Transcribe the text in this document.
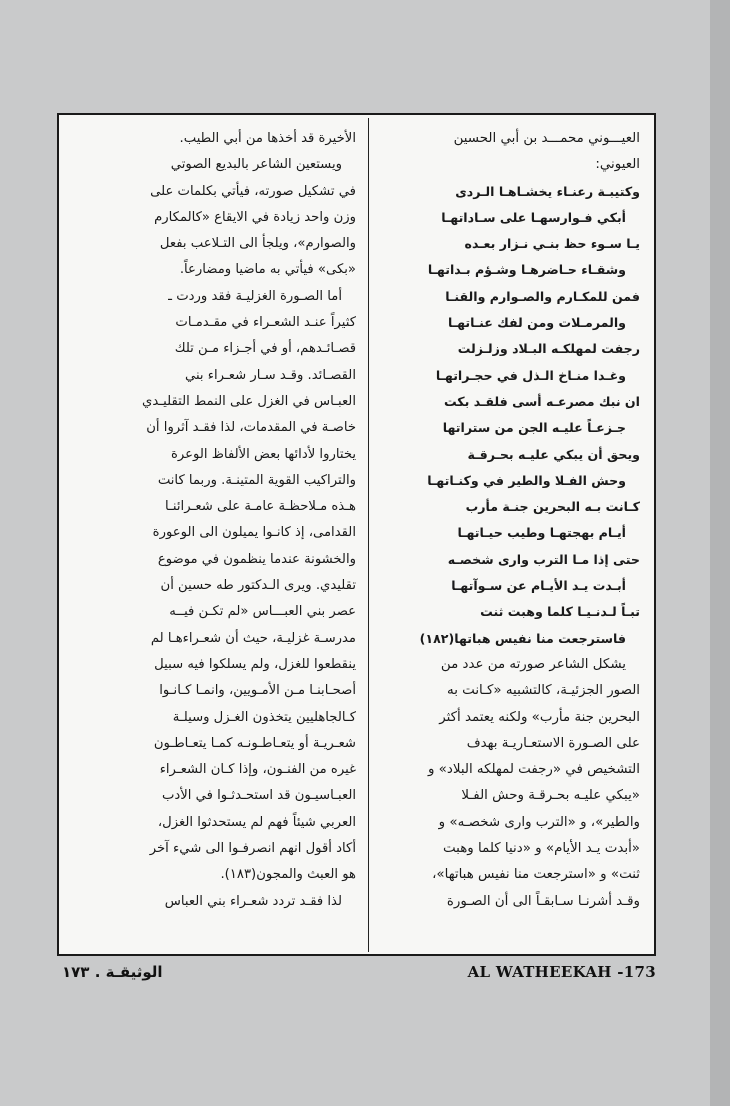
العيـــوني محمـــد بن أبي الحسين
العيوني:
وكتيبـة رعنـاء يخشـاهـا الـردى
أبكي فـوارسهـا على سـاداتهـا
يـا سـوء حظ بنـي نـزار بعـده
وشقـاء حـاضرهـا وشـؤم بـداتهـا
فمن للمكـارم والصـوارم والقنـا
والمرمـلات ومن لفك عنـاتهـا
رجفت لمهلكـه البـلاد وزلـزلت
وغـدا منـاخ الـذل في حجـراتهـا
ان نبك مصرعـه أسى فلقـد بكت
جـزعـاً عليـه الجن من ستراتها
ويحق أن يبكي عليـه بحـرقـة
وحش الفـلا والطير في وكنـاتهـا
كـانت بـه البحرين جنـة مأرب
أيـام بهجتهـا وطيب حيـاتهـا
حتى إذا مـا الترب وارى شخصـه
أبـدت يـد الأيـام عن سـوآتهـا
تبـاً لـدنـيـا كلما وهبت ثنت
فاسترجعت منا نفيس هباتها(١٨٢)
يشكل الشاعر صورته من عدد من
الصور الجزئيـة، كالتشبيه «كـانت به
البحرين جنة مأرب» ولكنه يعتمد أكثر
على الصـورة الاستعـاريـة بهدف
التشخيص في «رجفت لمهلكه البلاد» و
«يبكي عليـه بحـرقـة وحش الفـلا
والطير»، و «الترب وارى شخصـه» و
«أبدت يـد الأيام» و «دنيا كلما وهبت
ثنت» و «استرجعت منا نفيس هباتها»،
وقـد أشرنـا سـابقـاً الى أن الصـورة
الأخيرة قد أخذها من أبي الطيب.
ويستعين الشاعر بالبديع الصوتي
في تشكيل صورته، فيأتي بكلمات على
وزن واحد زيادة في الايقاع «كالمكارم
والصوارم»، ويلجأ الى التـلاعب بفعل
«بكى» فيأتي به ماضيا ومضارعاً.
أما الصـورة الغزليـة فقد وردت ـ
كثيراً عنـد الشعـراء في مقـدمـات
قصـائـدهم، أو في أجـزاء مـن تلك
القصـائد. وقـد سـار شعـراء بني
العبـاس في الغزل على النمط التقليـدي
خاصـة في المقدمات، لذا فقـد آثروا أن
يختاروا لأدائها بعض الألفاظ الوعرة
والتراكيب القوية المتينـة. وربما كانت
هـذه مـلاحظـة عامـة على شعـرائنـا
القدامى، إذ كانـوا يميلون الى الوعورة
والخشونة عندما ينظمون في موضوع
تقليدي. ويرى الـدكتور طه حسين أن
عصر بني العبـــاس «لم تكـن فيــه
مدرسـة غزليـة، حيث أن شعـراءهـا لم
ينقطعوا للغزل، ولم يسلكوا فيه سبيل
أصحـابنـا مـن الأمـويين، وانمـا كـانـوا
كـالجاهليين يتخذون الغـزل وسيلـة
شعـريـة أو يتعـاطـونـه كمـا يتعـاطـون
غيره من الفنـون، وإذا كـان الشعـراء
العبـاسيـون قد استحـدثـوا في الأدب
العربي شيئاً فهم لم يستحدثوا الغزل،
أكاد أقول انهم انصرفـوا الى شيء آخر
هو العبث والمجون(١٨٣).
لذا فقـد تردد شعـراء بني العباس
الوثيقـة . ١٧٣	AL WATHEEKAH -173
